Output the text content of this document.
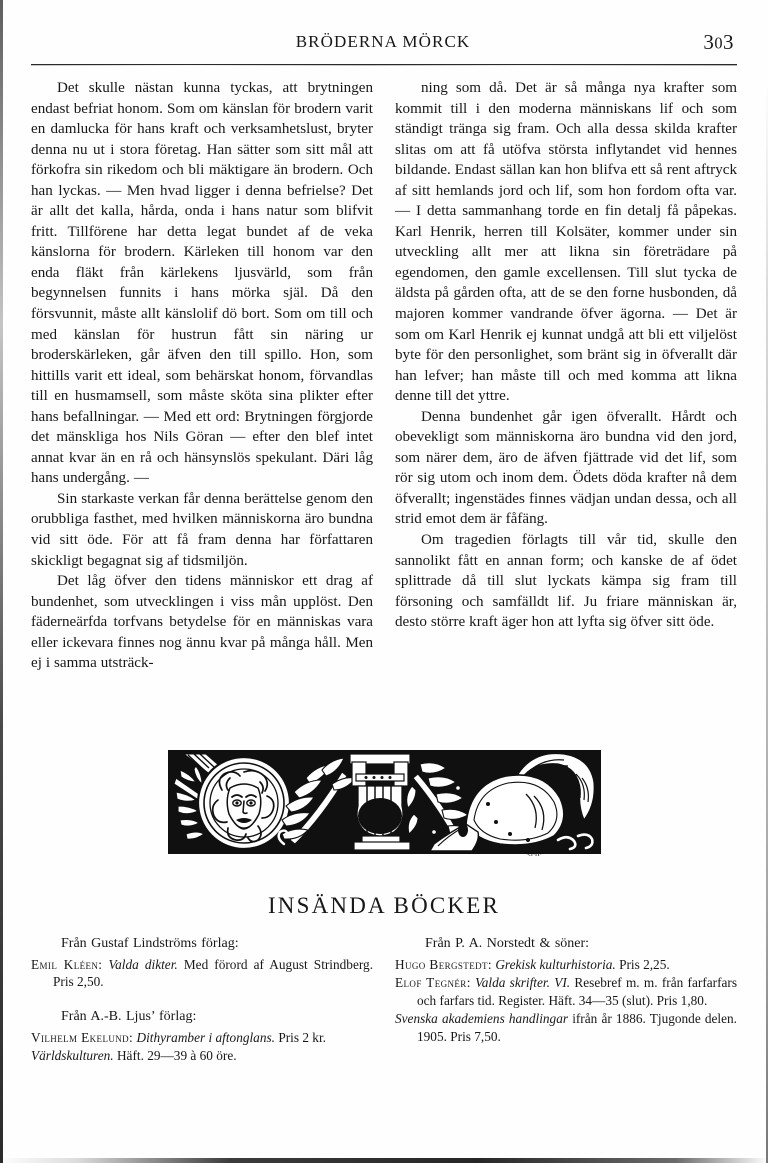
BRÖDERNA MÖRCK	303

Det skulle nästan kunna tyckas, att brytningen endast befriat honom. Som om känslan för brodern varit en damlucka för hans kraft och verksamhetslust, bryter denna nu ut i stora företag. Han sätter som sitt mål att förkofra sin rikedom och bli mäktigare än brodern. Och han lyckas. — Men hvad ligger i denna befrielse? Det är allt det kalla, hårda, onda i hans natur som blifvit fritt. Tillförene har detta legat bundet af de veka känslorna för brodern. Kärleken till honom var den enda fläkt från kärlekens ljusvärld, som från begynnelsen funnits i hans mörka själ. Då den försvunnit, måste allt känslolif dö bort. Som om till och med känslan för hustrun fått sin näring ur broderskärleken, går äfven den till spillo. Hon, som hittills varit ett ideal, som behärskat honom, förvandlas till en husmamsell, som måste sköta sina plikter efter hans befallningar. — Med ett ord: Brytningen förgjorde det mänskliga hos Nils Göran — efter den blef intet annat kvar än en rå och hänsynslös spekulant. Däri låg hans undergång. —

Sin starkaste verkan får denna berättelse genom den orubbliga fasthet, med hvilken människorna äro bundna vid sitt öde. För att få fram denna har författaren skickligt begagnat sig af tidsmiljön.

Det låg öfver den tidens människor ett drag af bundenhet, som utvecklingen i viss mån upplöst. Den fäderneärfda torfvans betydelse för en människas vara eller ickevara finnes nog ännu kvar på många håll. Men ej i samma utsträck-

ning som då. Det är så många nya krafter som kommit till i den moderna människans lif och som ständigt tränga sig fram. Och alla dessa skilda krafter slitas om att få utöfva största inflytandet vid hennes bildande. Endast sällan kan hon blifva ett så rent aftryck af sitt hemlands jord och lif, som hon fordom ofta var. — I detta sammanhang torde en fin detalj få påpekas. Karl Henrik, herren till Kolsäter, kommer under sin utveckling allt mer att likna sin företrädare på egendomen, den gamle excellensen. Till slut tycka de äldsta på gården ofta, att de se den forne husbonden, då majoren kommer vandrande öfver ägorna. — Det är som om Karl Henrik ej kunnat undgå att bli ett viljelöst byte för den personlighet, som bränt sig in öfverallt där han lefver; han måste till och med komma att likna denne till det yttre.

Denna bundenhet går igen öfverallt. Hårdt och obevekligt som människorna äro bundna vid den jord, som närer dem, äro de äfven fjättrade vid det lif, som rör sig utom och inom dem. Ödets döda krafter nå dem öfverallt; ingenstädes finnes vädjan undan dessa, och all strid emot dem är fåfäng.

Om tragedien förlagts till vår tid, skulle den sannolikt fått en annan form; och kanske de af ödet splittrade då till slut lyckats kämpa sig fram till försoning och samfälldt lif. Ju friare människan är, desto större kraft äger hon att lyfta sig öfver sitt öde.

·G·H·
INSÄNDA BÖCKER
Från Gustaf Lindströms förlag:
Emil Kléen: Valda dikter. Med förord af August Strindberg. Pris 2,50.
Från A.-B. Ljus’ förlag:
Vilhelm Ekelund: Dithyramber i aftonglans. Pris 2 kr.
Världskulturen. Häft. 29—39 à 60 öre.
Från P. A. Norstedt & söner:
Hugo Bergstedt: Grekisk kulturhistoria. Pris 2,25.
Elof Tegnér: Valda skrifter. VI. Resebref m. m. från farfarfars och farfars tid. Register. Häft. 34—35 (slut). Pris 1,80.
Svenska akademiens handlingar ifrån år 1886. Tjugonde delen. 1905. Pris 7,50.
